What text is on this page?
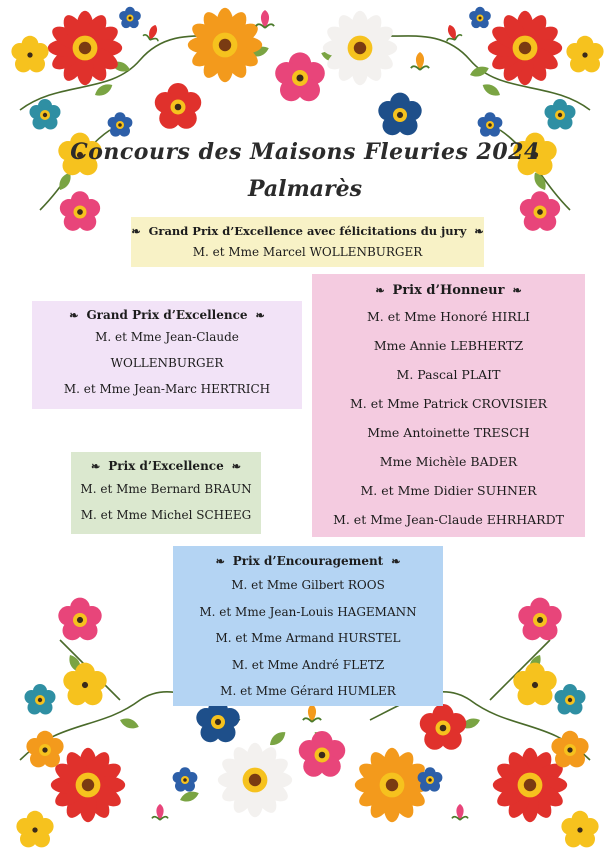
Concours des Maisons Fleuries 2024
Palmarès
❧ Grand Prix d’Excellence avec félicitations du jury ❧
M. et Mme Marcel WOLLENBURGER
❧ Grand Prix d’Excellence ❧
M. et Mme Jean-Claude
WOLLENBURGER
M. et Mme Jean-Marc HERTRICH
❧ Prix d’Honneur ❧
M. et Mme Honoré HIRLI
Mme Annie LEBHERTZ
M. Pascal PLAIT
M. et Mme Patrick CROVISIER
Mme Antoinette TRESCH
Mme Michèle BADER
M. et Mme Didier SUHNER
M. et Mme Jean-Claude EHRHARDT
❧ Prix d’Excellence ❧
M. et Mme Bernard BRAUN
M. et Mme Michel SCHEEG
❧ Prix d’Encouragement ❧
M. et Mme Gilbert ROOS
M. et Mme Jean-Louis HAGEMANN
M. et Mme Armand HURSTEL
M. et Mme André FLETZ
M. et Mme Gérard HUMLER
